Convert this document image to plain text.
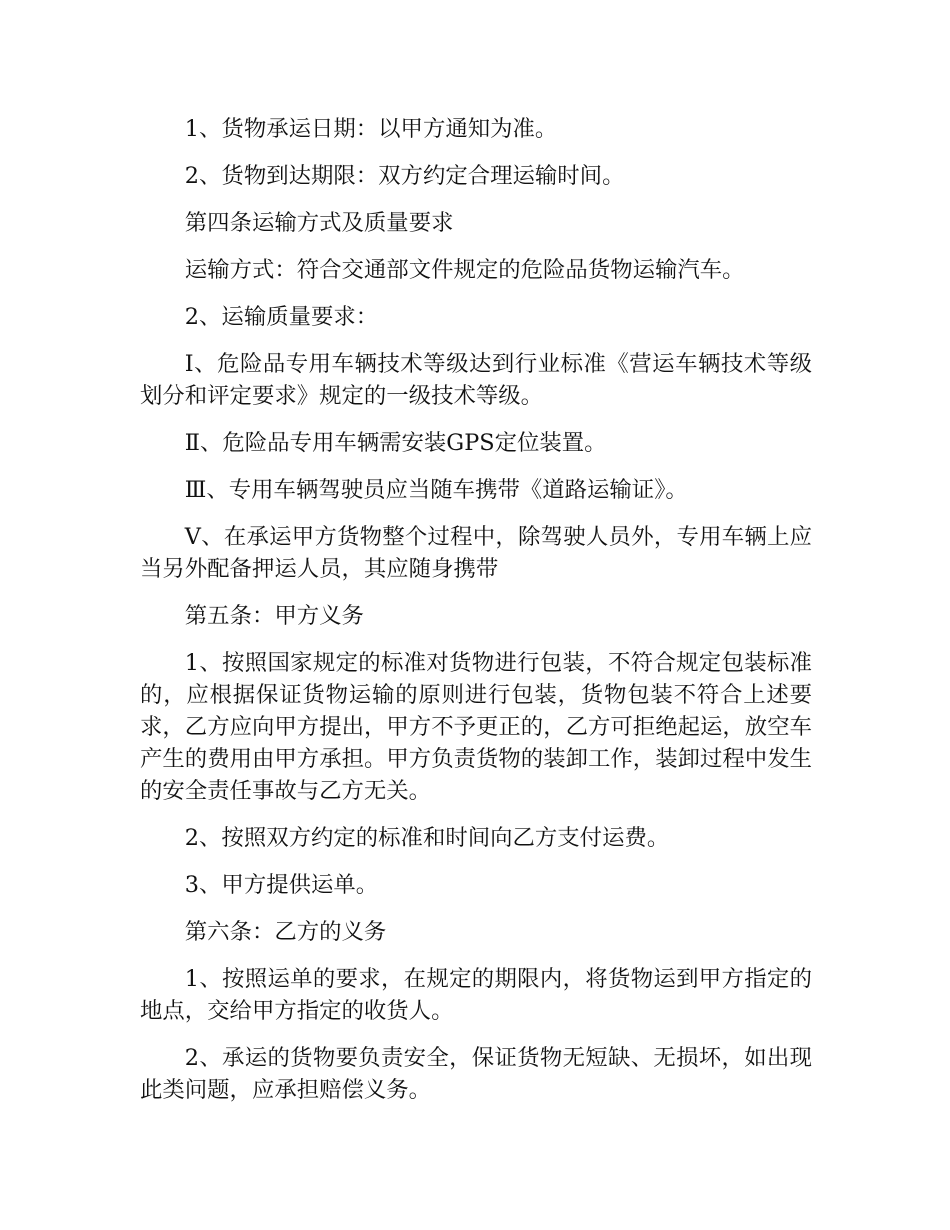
1、货物承运日期：以甲方通知为准。

2、货物到达期限：双方约定合理运输时间。

第四条运输方式及质量要求

运输方式：符合交通部文件规定的危险品货物运输汽车。

2、运输质量要求：

Ⅰ、危险品专用车辆技术等级达到行业标准《营运车辆技术等级划分和评定要求》规定的一级技术等级。

Ⅱ、危险品专用车辆需安装GPS定位装置。

Ⅲ、专用车辆驾驶员应当随车携带《道路运输证》。

Ⅴ、在承运甲方货物整个过程中，除驾驶人员外，专用车辆上应当另外配备押运人员，其应随身携带

第五条：甲方义务

1、按照国家规定的标准对货物进行包装，不符合规定包装标准的，应根据保证货物运输的原则进行包装，货物包装不符合上述要求，乙方应向甲方提出，甲方不予更正的，乙方可拒绝起运，放空车产生的费用由甲方承担。甲方负责货物的装卸工作，装卸过程中发生的安全责任事故与乙方无关。

2、按照双方约定的标准和时间向乙方支付运费。

3、甲方提供运单。

第六条：乙方的义务

1、按照运单的要求，在规定的期限内，将货物运到甲方指定的地点，交给甲方指定的收货人。

2、承运的货物要负责安全，保证货物无短缺、无损坏，如出现此类问题，应承担赔偿义务。
